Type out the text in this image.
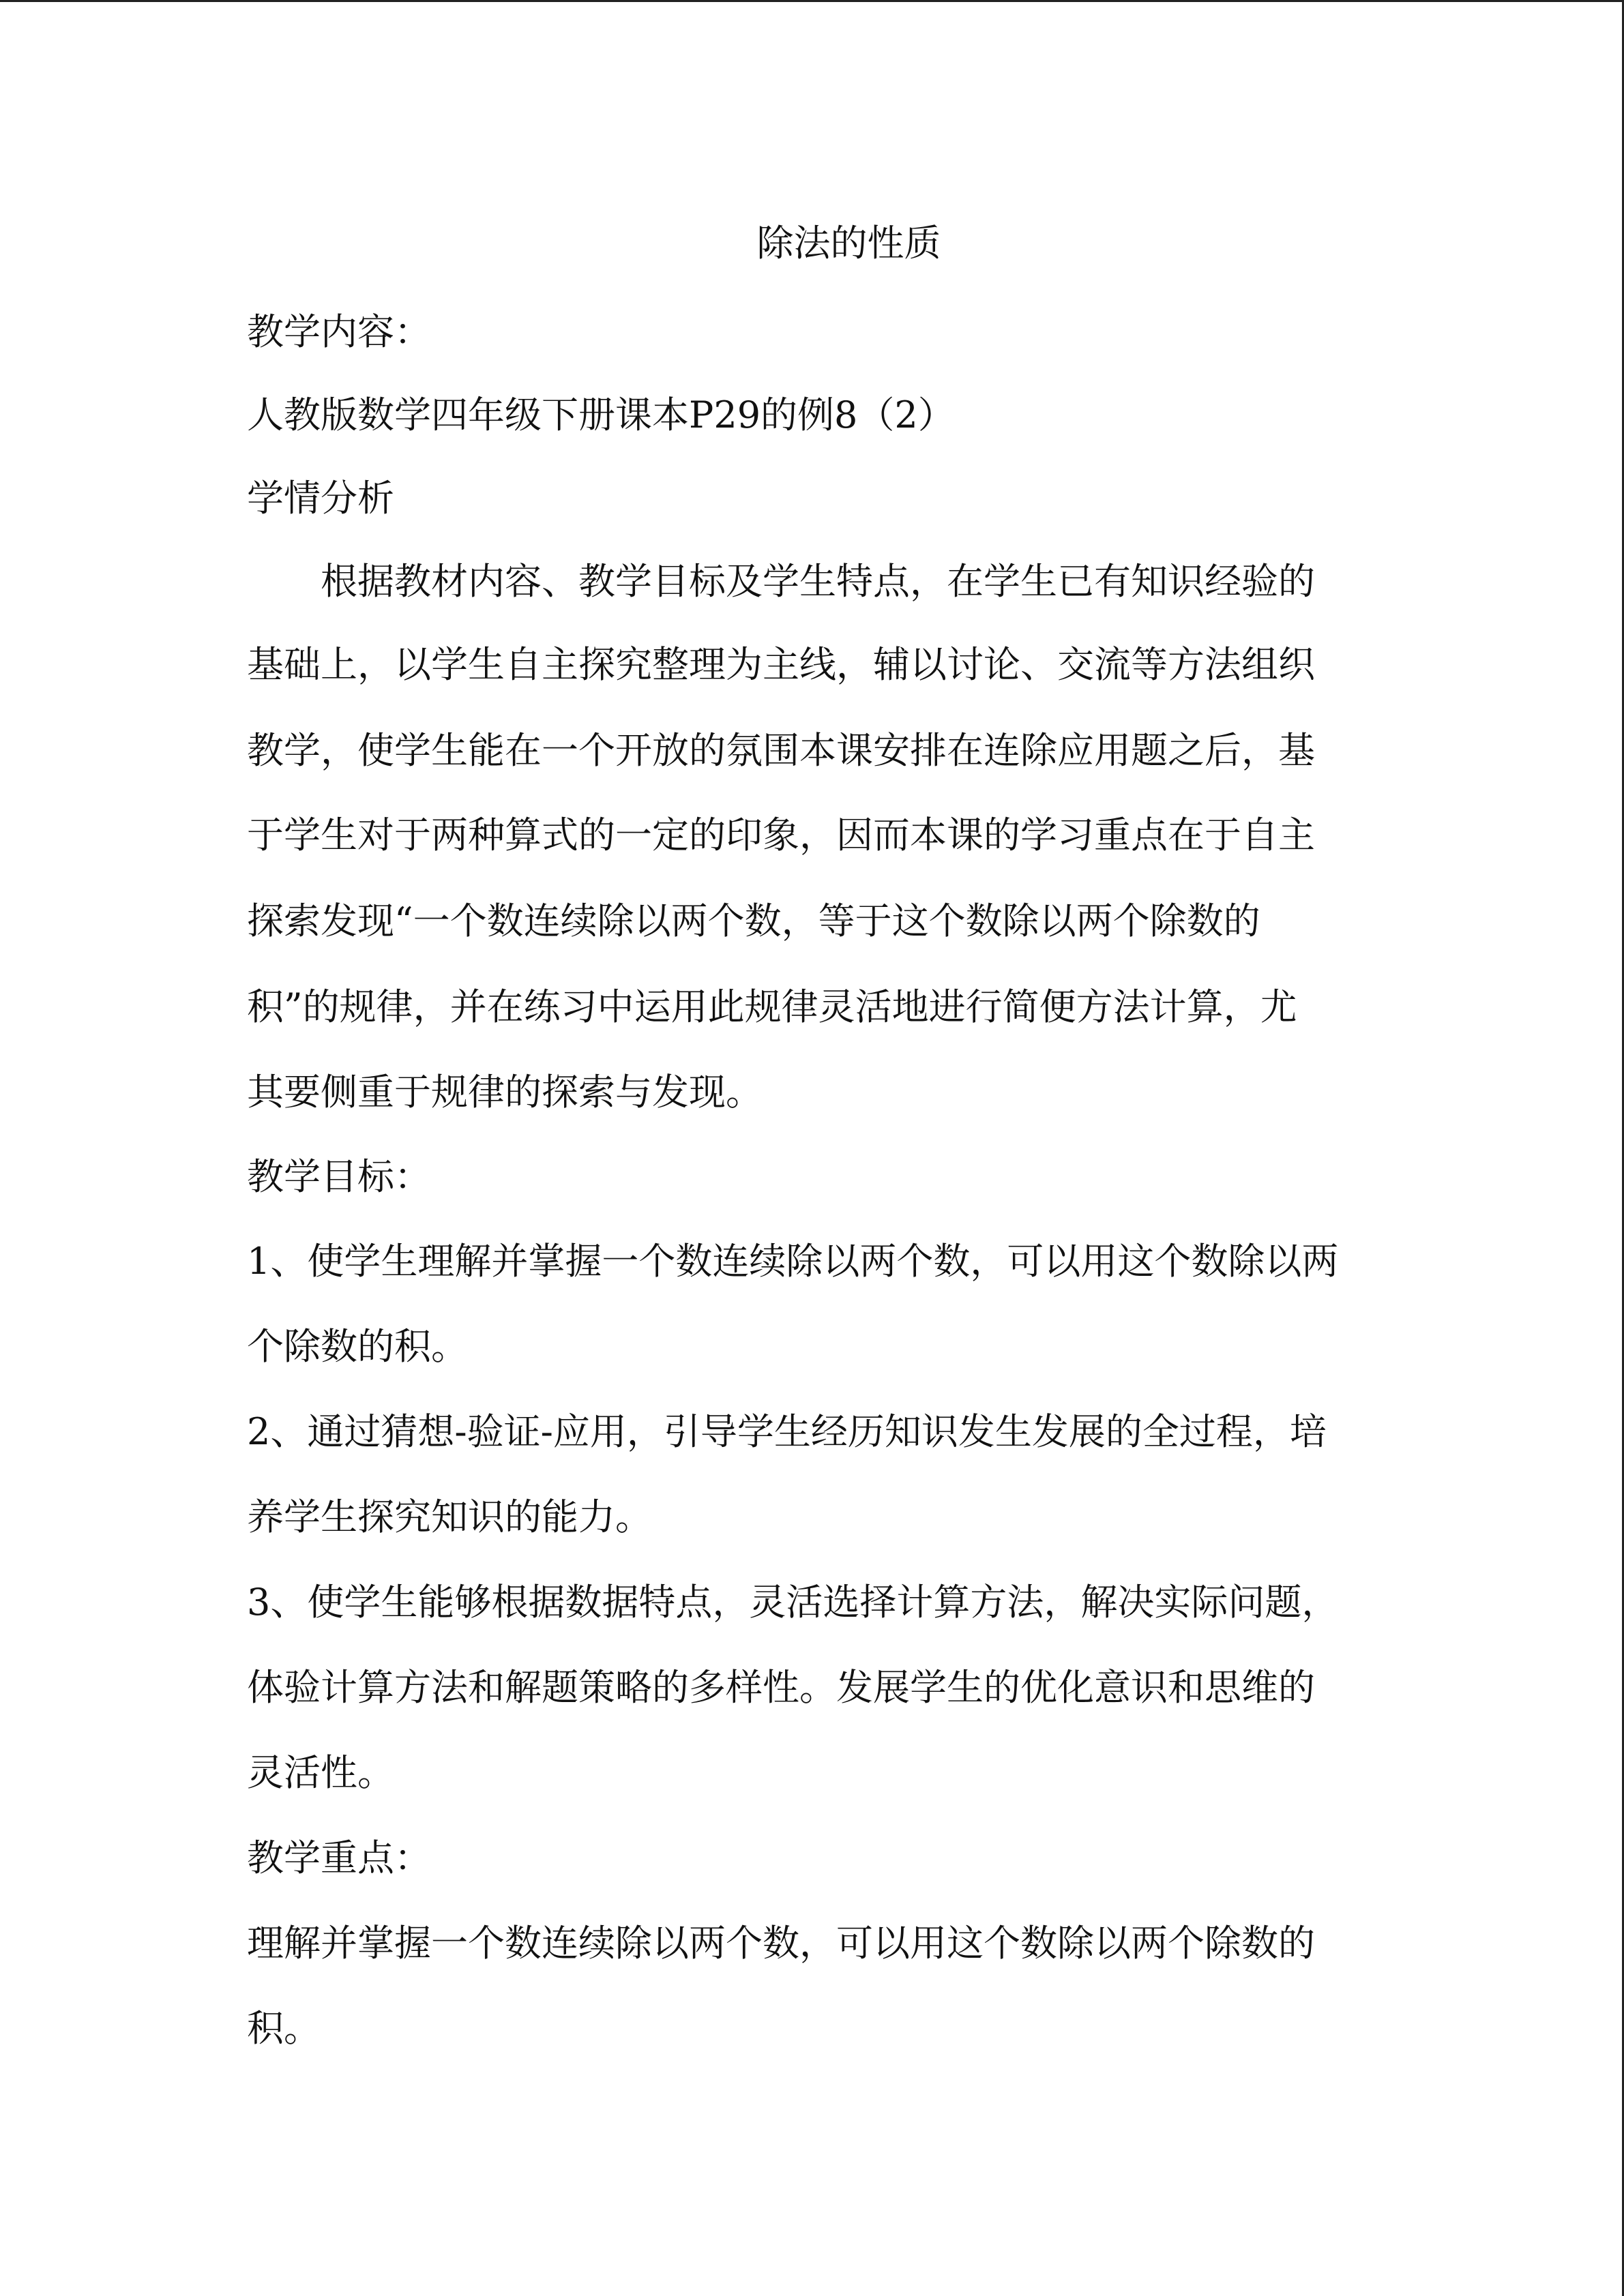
除法的性质
教学内容：
人教版数学四年级下册课本P29的例8（2）
学情分析
根据教材内容、教学目标及学生特点，在学生已有知识经验的
基础上，以学生自主探究整理为主线，辅以讨论、交流等方法组织
教学，使学生能在一个开放的氛围本课安排在连除应用题之后，基
于学生对于两种算式的一定的印象，因而本课的学习重点在于自主
探索发现“一个数连续除以两个数，等于这个数除以两个除数的
积”的规律，并在练习中运用此规律灵活地进行简便方法计算，尤
其要侧重于规律的探索与发现。
教学目标：
1、使学生理解并掌握一个数连续除以两个数，可以用这个数除以两
个除数的积。
2、通过猜想-验证-应用，引导学生经历知识发生发展的全过程，培
养学生探究知识的能力。
3、使学生能够根据数据特点，灵活选择计算方法，解决实际问题，
体验计算方法和解题策略的多样性。发展学生的优化意识和思维的
灵活性。
教学重点：
理解并掌握一个数连续除以两个数，可以用这个数除以两个除数的
积。
